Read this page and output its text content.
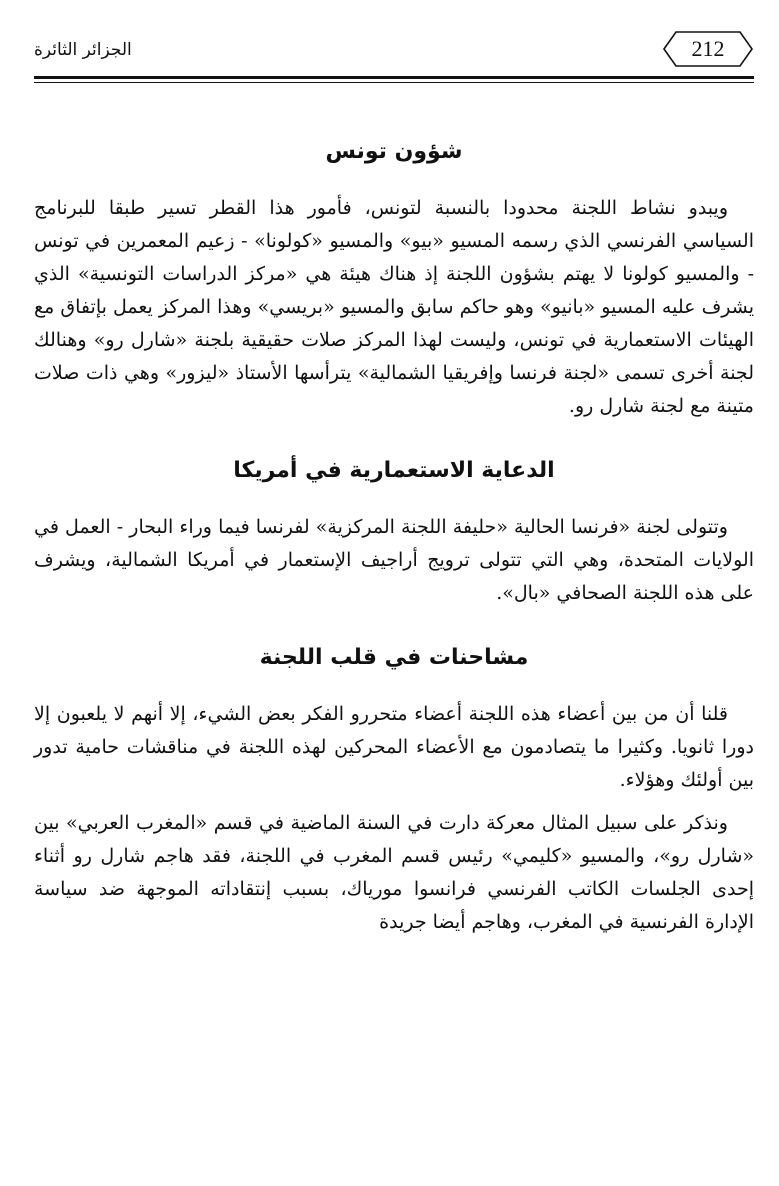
الجزائر الثائرة	212
شؤون تونس

ويبدو نشاط اللجنة محدودا بالنسبة لتونس، فأمور هذا القطر تسير طبقا للبرنامج السياسي الفرنسي الذي رسمه المسيو «بيو» والمسيو «كولونا» - زعيم المعمرين في تونس - والمسيو كولونا لا يهتم بشؤون اللجنة إذ هناك هيئة هي «مركز الدراسات التونسية» الذي يشرف عليه المسيو «بانيو» وهو حاكم سابق والمسيو «بريسي» وهذا المركز يعمل بإتفاق مع الهيئات الاستعمارية في تونس، وليست لهذا المركز صلات حقيقية بلجنة «شارل رو» وهنالك لجنة أخرى تسمى «لجنة فرنسا وإفريقيا الشمالية» يترأسها الأستاذ «ليزور» وهي ذات صلات متينة مع لجنة شارل رو.

الدعاية الاستعمارية في أمريكا

وتتولى لجنة «فرنسا الحالية «حليفة اللجنة المركزية» لفرنسا فيما وراء البحار - العمل في الولايات المتحدة، وهي التي تتولى ترويج أراجيف الإستعمار في أمريكا الشمالية، ويشرف على هذه اللجنة الصحافي «بال».

مشاحنات في قلب اللجنة

قلنا أن من بين أعضاء هذه اللجنة أعضاء متحررو الفكر بعض الشيء، إلا أنهم لا يلعبون إلا دورا ثانويا. وكثيرا ما يتصادمون مع الأعضاء المحركين لهذه اللجنة في مناقشات حامية تدور بين أولئك وهؤلاء.

ونذكر على سبيل المثال معركة دارت في السنة الماضية في قسم «المغرب العربي» بين «شارل رو»، والمسيو «كليمي» رئيس قسم المغرب في اللجنة، فقد هاجم شارل رو أثناء إحدى الجلسات الكاتب الفرنسي فرانسوا مورياك، بسبب إنتقاداته الموجهة ضد سياسة الإدارة الفرنسية في المغرب، وهاجم أيضا جريدة
